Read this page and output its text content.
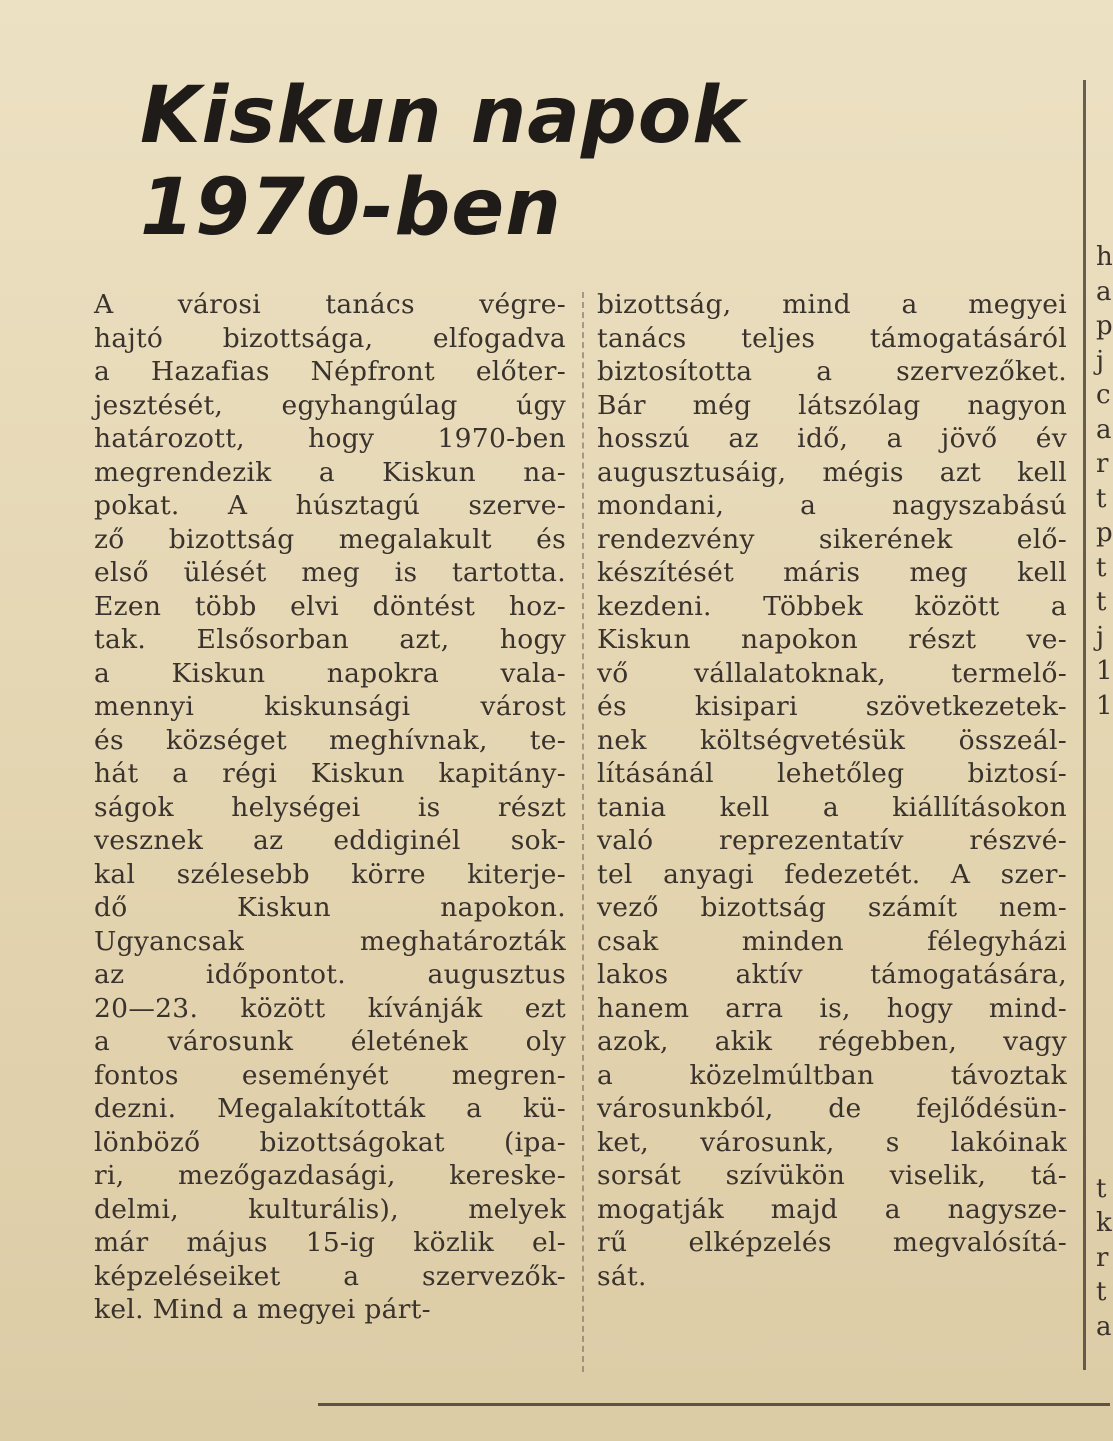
Kiskun napok
1970-ben
A városi tanács végre-
hajtó bizottsága, elfogadva
a Hazafias Népfront előter-
jesztését, egyhangúlag úgy
határozott, hogy 1970-ben
megrendezik a Kiskun na-
pokat. A húsztagú szerve-
ző bizottság megalakult és
első ülését meg is tartotta.
Ezen több elvi döntést hoz-
tak. Elsősorban azt, hogy
a Kiskun napokra vala-
mennyi kiskunsági várost
és községet meghívnak, te-
hát a régi Kiskun kapitány-
ságok helységei is részt
vesznek az eddiginél sok-
kal szélesebb körre kiterje-
dő Kiskun napokon.
Ugyancsak meghatározták
az időpontot. augusztus
20—23. között kívánják ezt
a városunk életének oly
fontos eseményét megren-
dezni. Megalakították a kü-
lönböző bizottságokat (ipa-
ri, mezőgazdasági, kereske-
delmi, kulturális), melyek
már május 15-ig közlik el-
képzeléseiket a szervezők-
kel. Mind a megyei párt-
bizottság, mind a megyei
tanács teljes támogatásáról
biztosította a szervezőket.
Bár még látszólag nagyon
hosszú az idő, a jövő év
augusztusáig, mégis azt kell
mondani, a nagyszabású
rendezvény sikerének elő-
készítését máris meg kell
kezdeni. Többek között a
Kiskun napokon részt ve-
vő vállalatoknak, termelő-
és kisipari szövetkezetek-
nek költségvetésük összeál-
lításánál lehetőleg biztosí-
tania kell a kiállításokon
való reprezentatív részvé-
tel anyagi fedezetét. A szer-
vező bizottság számít nem-
csak minden félegyházi
lakos aktív támogatására,
hanem arra is, hogy mind-
azok, akik régebben, vagy
a közelmúltban távoztak
városunkból, de fejlődésün-
ket, városunk, s lakóinak
sorsát szívükön viselik, tá-
mogatják majd a nagysze-
rű elképzelés megvalósítá-
sát.
h
a
p
j
c
a
r
t
p
t
t
j
1
1
t
k
r
t
a
